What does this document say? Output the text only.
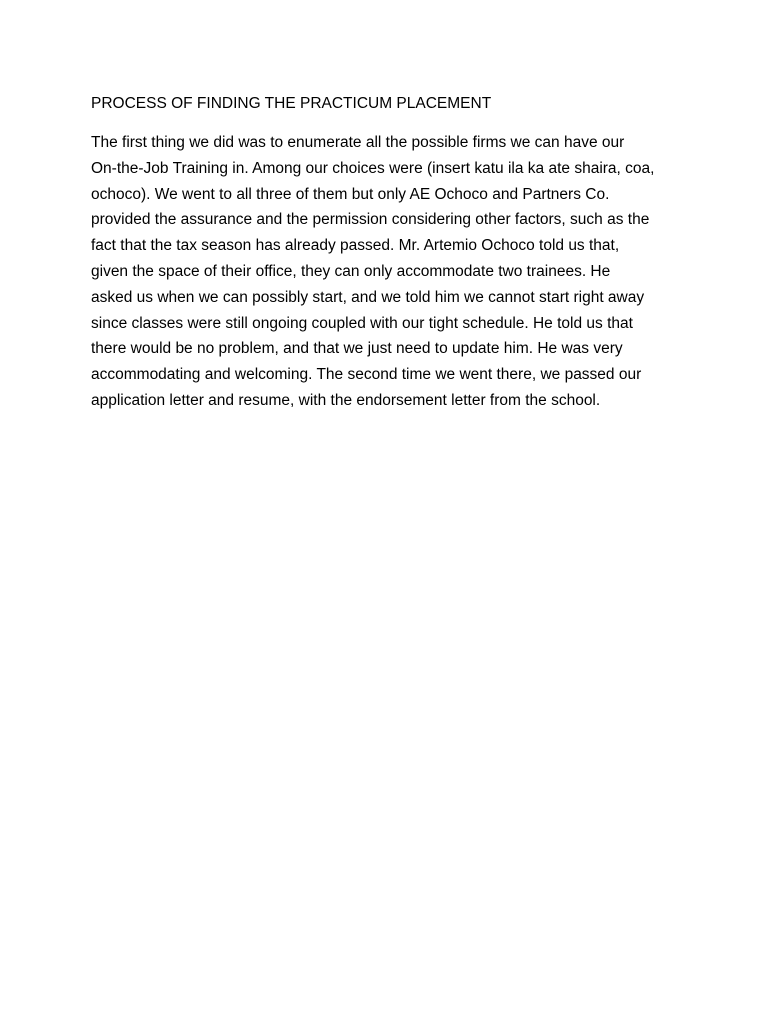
PROCESS OF FINDING THE PRACTICUM PLACEMENT

The first thing we did was to enumerate all the possible firms we can have our
On-the-Job Training in. Among our choices were (insert katu ila ka ate shaira, coa,
ochoco). We went to all three of them but only AE Ochoco and Partners Co.
provided the assurance and the permission considering other factors, such as the
fact that the tax season has already passed. Mr. Artemio Ochoco told us that,
given the space of their office, they can only accommodate two trainees. He
asked us when we can possibly start, and we told him we cannot start right away
since classes were still ongoing coupled with our tight schedule. He told us that
there would be no problem, and that we just need to update him. He was very
accommodating and welcoming. The second time we went there, we passed our
application letter and resume, with the endorsement letter from the school.
